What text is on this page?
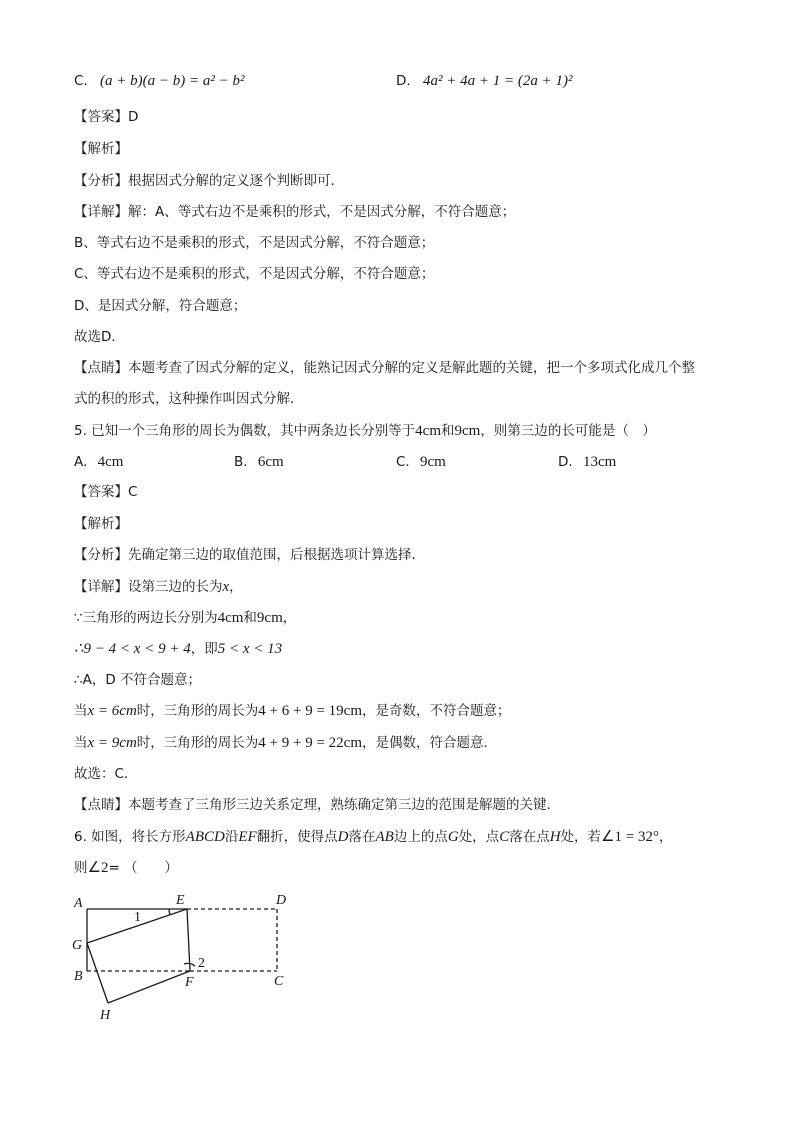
C. (a + b)(a − b) = a² − b²	D. 4a² + 4a + 1 = (2a + 1)²
【答案】D
【解析】
【分析】根据因式分解的定义逐个判断即可．
【详解】解：A、等式右边不是乘积的形式，不是因式分解，不符合题意；
B、等式右边不是乘积的形式，不是因式分解，不符合题意；
C、等式右边不是乘积的形式，不是因式分解，不符合题意；
D、是因式分解，符合题意；
故选D．
【点睛】本题考查了因式分解的定义，能熟记因式分解的定义是解此题的关键，把一个多项式化成几个整
式的积的形式，这种操作叫因式分解．
5. 已知一个三角形的周长为偶数，其中两条边长分别等于4cm和9cm，则第三边的长可能是（　）
A. 4cm	B. 6cm	C. 9cm	D. 13cm
【答案】C
【解析】
【分析】先确定第三边的取值范围，后根据选项计算选择．
【详解】设第三边的长为x，
∵三角形的两边长分别为4cm和9cm，
∴9 − 4 < x < 9 + 4，即5 < x < 13
∴A，D 不符合题意；
当x = 6cm时，三角形的周长为4 + 6 + 9 = 19cm，是奇数，不符合题意；
当x = 9cm时，三角形的周长为4 + 9 + 9 = 22cm，是偶数，符合题意．
故选：C．
【点睛】本题考查了三角形三边关系定理，熟练确定第三边的范围是解题的关键．
6. 如图，将长方形ABCD沿EF翻折，使得点D落在AB边上的点G处，点C落在点H处，若∠1 = 32°，
则∠2= （　　）
A	E	D
G
B	F	C
H
1
2
